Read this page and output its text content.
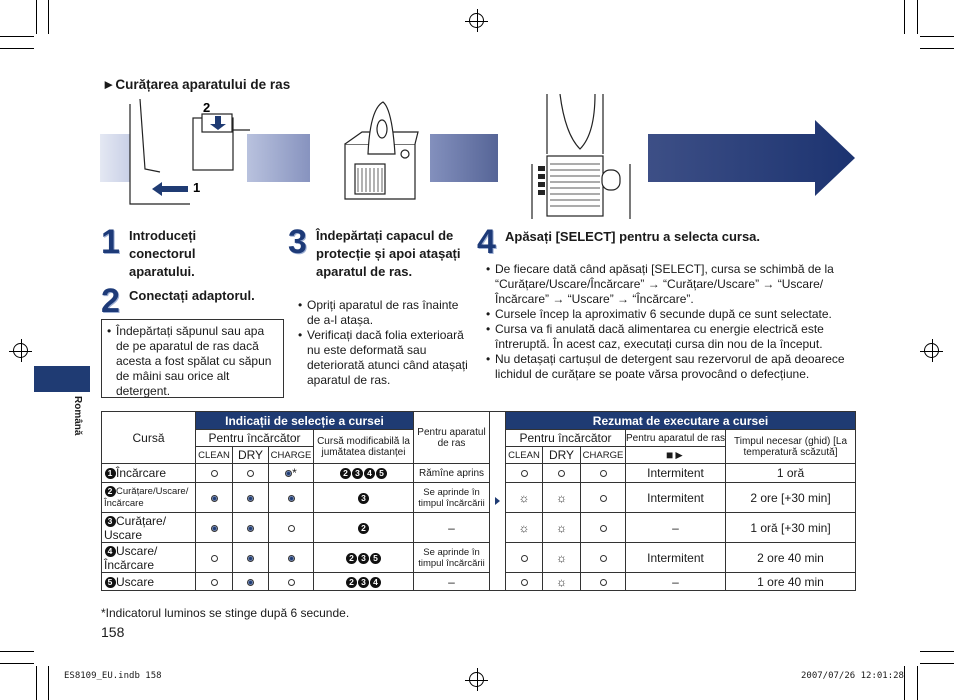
►Curățarea aparatului de ras
2
1
1 Introduceți conectorul aparatului.
2 Conectați adaptorul.
• Îndepărtați săpunul sau apa de pe aparatul de ras dacă acesta a fost spălat cu săpun de mâini sau orice alt detergent.
3 Îndepărtați capacul de protecție și apoi atașați aparatul de ras.
• Opriți aparatul de ras înainte de a-l atașa.
• Verificați dacă folia exterioară nu este deformată sau deteriorată atunci când atașați aparatul de ras.
4 Apăsați [SELECT] pentru a selecta cursa.
• De fiecare dată când apăsați [SELECT], cursa se schimbă de la “Curățare/Uscare/Încărcare” → “Curățare/Uscare” → “Uscare/ Încărcare” → “Uscare” → “Încărcare”.
• Cursele încep la aproximativ 6 secunde după ce sunt selectate.
• Cursa va fi anulată dacă alimentarea cu energie electrică este întreruptă. În acest caz, executați cursa din nou de la început.
• Nu detașați cartușul de detergent sau rezervorul de apă deoarece lichidul de curățare se poate vărsa provocând o defecțiune.
Română
Cursă	Indicații de selecție a cursei				Pentru aparatul de ras		Rezumat de executare a cursei				
	Pentru încărcător			Cursă modificabilă la jumătatea distanței			Pentru încărcător			Pentru aparatul de ras	Timpul necesar (ghid) [La temperatură scăzută]
	CLEAN	DRY	CHARGE				CLEAN	DRY	CHARGE	■►	
1 Încărcare			*	2 3 4 5	Rămîne aprins					Intermitent	1 oră
2 Curățare/Uscare/ Încărcare				3	Se aprinde în timpul încărcării		☼	☼		Intermitent	2 ore [+30 min]
3 Curățare/ Uscare				2	–		☼	☼		–	1 oră [+30 min]
4 Uscare/ Încărcare				2 3 5	Se aprinde în timpul încărcării			☼		Intermitent	2 ore 40 min
5 Uscare				2 3 4	–			☼		–	1 ore 40 min
*Indicatorul luminos se stinge după 6 secunde.
158
ES8109_EU.indb 158	2007/07/26 12:01:28
